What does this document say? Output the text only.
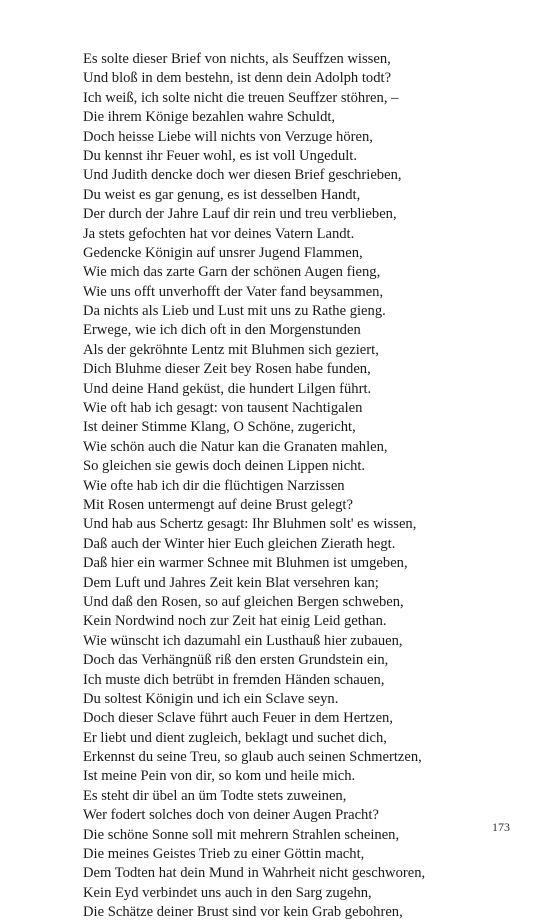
Es solte dieser Brief von nichts, als Seuffzen wissen,
Und bloß in dem bestehn, ist denn dein Adolph todt?
Ich weiß, ich solte nicht die treuen Seuffzer stöhren, –
Die ihrem Könige bezahlen wahre Schuldt,
Doch heisse Liebe will nichts von Verzuge hören,
Du kennst ihr Feuer wohl, es ist voll Ungedult.
Und Judith dencke doch wer diesen Brief geschrieben,
Du weist es gar genung, es ist desselben Handt,
Der durch der Jahre Lauf dir rein und treu verblieben,
Ja stets gefochten hat vor deines Vatern Landt.
Gedencke Königin auf unsrer Jugend Flammen,
Wie mich das zarte Garn der schönen Augen fieng,
Wie uns offt unverhofft der Vater fand beysammen,
Da nichts als Lieb und Lust mit uns zu Rathe gieng.
Erwege, wie ich dich oft in den Morgenstunden
Als der gekröhnte Lentz mit Bluhmen sich geziert,
Dich Bluhme dieser Zeit bey Rosen habe funden,
Und deine Hand geküst, die hundert Lilgen führt.
Wie oft hab ich gesagt: von tausent Nachtigalen
Ist deiner Stimme Klang, O Schöne, zugericht,
Wie schön auch die Natur kan die Granaten mahlen,
So gleichen sie gewis doch deinen Lippen nicht.
Wie ofte hab ich dir die flüchtigen Narzissen
Mit Rosen untermengt auf deine Brust gelegt?
Und hab aus Schertz gesagt: Ihr Bluhmen solt' es wissen,
Daß auch der Winter hier Euch gleichen Zierath hegt.
Daß hier ein warmer Schnee mit Bluhmen ist umgeben,
Dem Luft und Jahres Zeit kein Blat versehren kan;
Und daß den Rosen, so auf gleichen Bergen schweben,
Kein Nordwind noch zur Zeit hat einig Leid gethan.
Wie wünscht ich dazumahl ein Lusthauß hier zubauen,
Doch das Verhängnüß riß den ersten Grundstein ein,
Ich muste dich betrübt in fremden Händen schauen,
Du soltest Königin und ich ein Sclave seyn.
Doch dieser Sclave führt auch Feuer in dem Hertzen,
Er liebt und dient zugleich, beklagt und suchet dich,
Erkennst du seine Treu, so glaub auch seinen Schmertzen,
Ist meine Pein von dir, so kom und heile mich.
Es steht dir übel an üm Todte stets zuweinen,
Wer fodert solches doch von deiner Augen Pracht?
Die schöne Sonne soll mit mehrern Strahlen scheinen,
Die meines Geistes Trieb zu einer Göttin macht,
Dem Todten hat dein Mund in Wahrheit nicht geschworen,
Kein Eyd verbindet uns auch in den Sarg zugehn,
Die Schätze deiner Brust sind vor kein Grab gebohren,
173
